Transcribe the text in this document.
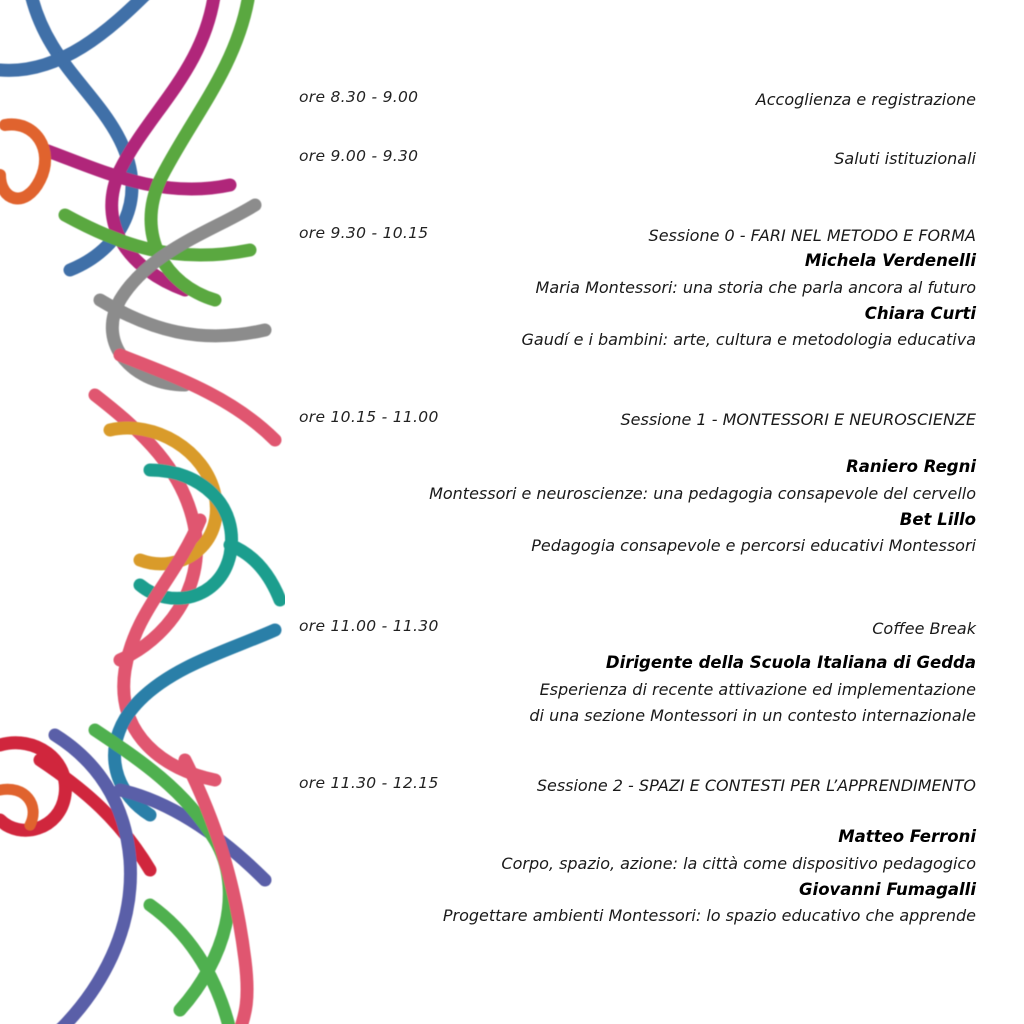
ore 8.30 - 9.00	Accoglienza e registrazione
ore 9.00 - 9.30	Saluti istituzionali
ore 9.30 - 10.15	Sessione 0 - FARI NEL METODO E FORMA
Michela Verdenelli
Maria Montessori: una storia che parla ancora al futuro
Chiara Curti
Gaudí e i bambini: arte, cultura e metodologia educativa
ore 10.15 - 11.00	Sessione 1 - MONTESSORI E NEUROSCIENZE
Raniero Regni
Montessori e neuroscienze: una pedagogia consapevole del cervello
Bet Lillo
Pedagogia consapevole e percorsi educativi Montessori
ore 11.00 - 11.30	Coffee Break
Dirigente della Scuola Italiana di Gedda
Esperienza di recente attivazione ed implementazione
di una sezione Montessori in un contesto internazionale
ore 11.30 - 12.15	Sessione 2 - SPAZI E CONTESTI PER L’APPRENDIMENTO
Matteo Ferroni
Corpo, spazio, azione: la città come dispositivo pedagogico
Giovanni Fumagalli
Progettare ambienti Montessori: lo spazio educativo che apprende
